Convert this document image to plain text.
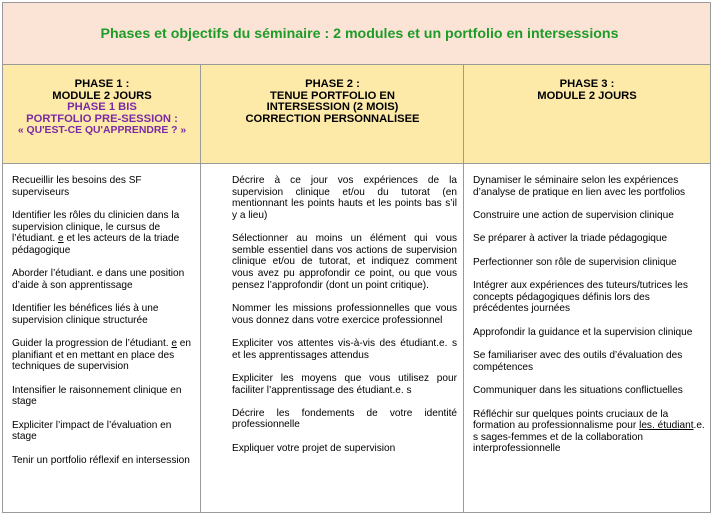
Phases et objectifs du séminaire : 2 modules et un portfolio en intersessions
PHASE 1 :
MODULE 2 JOURS
PHASE 1 BIS
PORTFOLIO PRE-SESSION :
« QU'EST-CE QU'APPRENDRE ? »
PHASE 2 :
TENUE PORTFOLIO EN
INTERSESSION (2 MOIS)
CORRECTION PERSONNALISEE
PHASE 3 :
MODULE 2 JOURS

Recueillir les besoins des SF superviseurs

Identifier les rôles du clinicien dans la supervision clinique, le cursus de l’étudiant. e et les acteurs de la triade pédagogique

Aborder l’étudiant. e dans une position d’aide à son apprentissage

Identifier les bénéfices liés à une supervision clinique structurée

Guider la progression de l’étudiant. e en planifiant et en mettant en place des techniques de supervision

Intensifier le raisonnement clinique en stage

Expliciter l’impact de l’évaluation en stage

Tenir un portfolio réflexif en intersession

Décrire à ce jour vos expériences de la supervision clinique et/ou du tutorat (en mentionnant les points hauts et les points bas s’il y a lieu)

Sélectionner au moins un élément qui vous semble essentiel dans vos actions de supervision clinique et/ou de tutorat, et indiquez comment vous avez pu approfondir ce point, ou que vous pensez l’approfondir (dont un point critique).

Nommer les missions professionnelles que vous vous donnez dans votre exercice professionnel

Expliciter vos attentes vis-à-vis des étudiant.e. s et les apprentissages attendus

Expliciter les moyens que vous utilisez pour faciliter l’apprentissage des étudiant.e. s

Décrire les fondements de votre identité professionnelle

Expliquer votre projet de supervision

Dynamiser le séminaire selon les expériences d’analyse de pratique en lien avec les portfolios

Construire une action de supervision clinique

Se préparer à activer la triade pédagogique

Perfectionner son rôle de supervision clinique

Intégrer aux expériences des tuteurs/tutrices les concepts pédagogiques définis lors des précédentes journées

Approfondir la guidance et la supervision clinique

Se familiariser avec des outils d’évaluation des compétences

Communiquer dans les situations conflictuelles

Réfléchir sur quelques points cruciaux de la formation au professionnalisme pour les. étudiant.e. s sages-femmes et de la collaboration interprofessionnelle
